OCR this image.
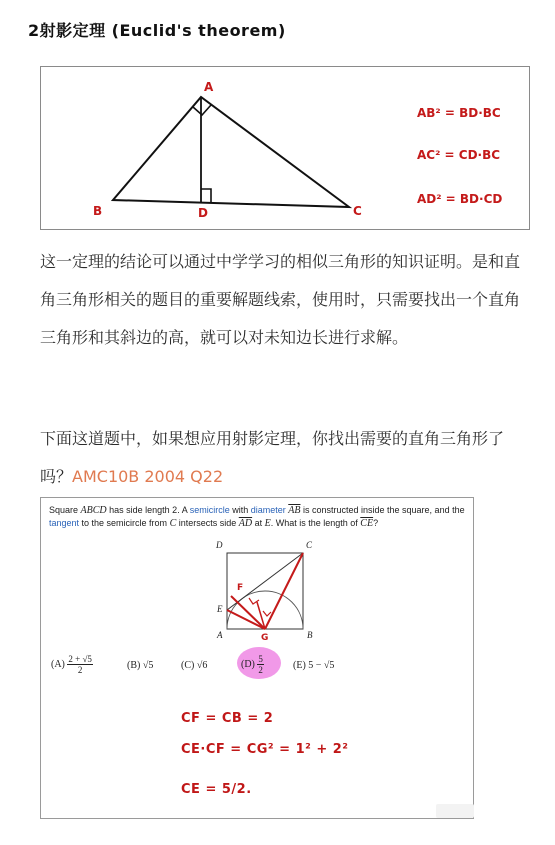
2射影定理 (Euclid's theorem)
A
B	D	C
AB² = BD·BC
AC² = CD·BC
AD² = BD·CD

这一定理的结论可以通过中学学习的相似三角形的知识证明。是和直角三角形相关的题目的重要解题线索，使用时，只需要找出一个直角三角形和其斜边的高，就可以对未知边长进行求解。

下面这道题中，如果想应用射影定理，你找出需要的直角三角形了吗？AMC10B 2004 Q22

Square ABCD has side length 2. A semicircle with diameter $\overline{AB}$ is constructed inside the square, and the tangent to the semicircle from C intersects side $\overline{AD}$ at E. What is the length of $\overline{CE}$?
D	C
E
A	B
F
G
$(A) \frac{2 + √5}{2}$	(B) √5	(C) √6	$(D) \frac{5}{2}$	(E) 5 − √5
CF = CB = 2
CE·CF = CG² = 1² + 2²
CE = 5/2.
